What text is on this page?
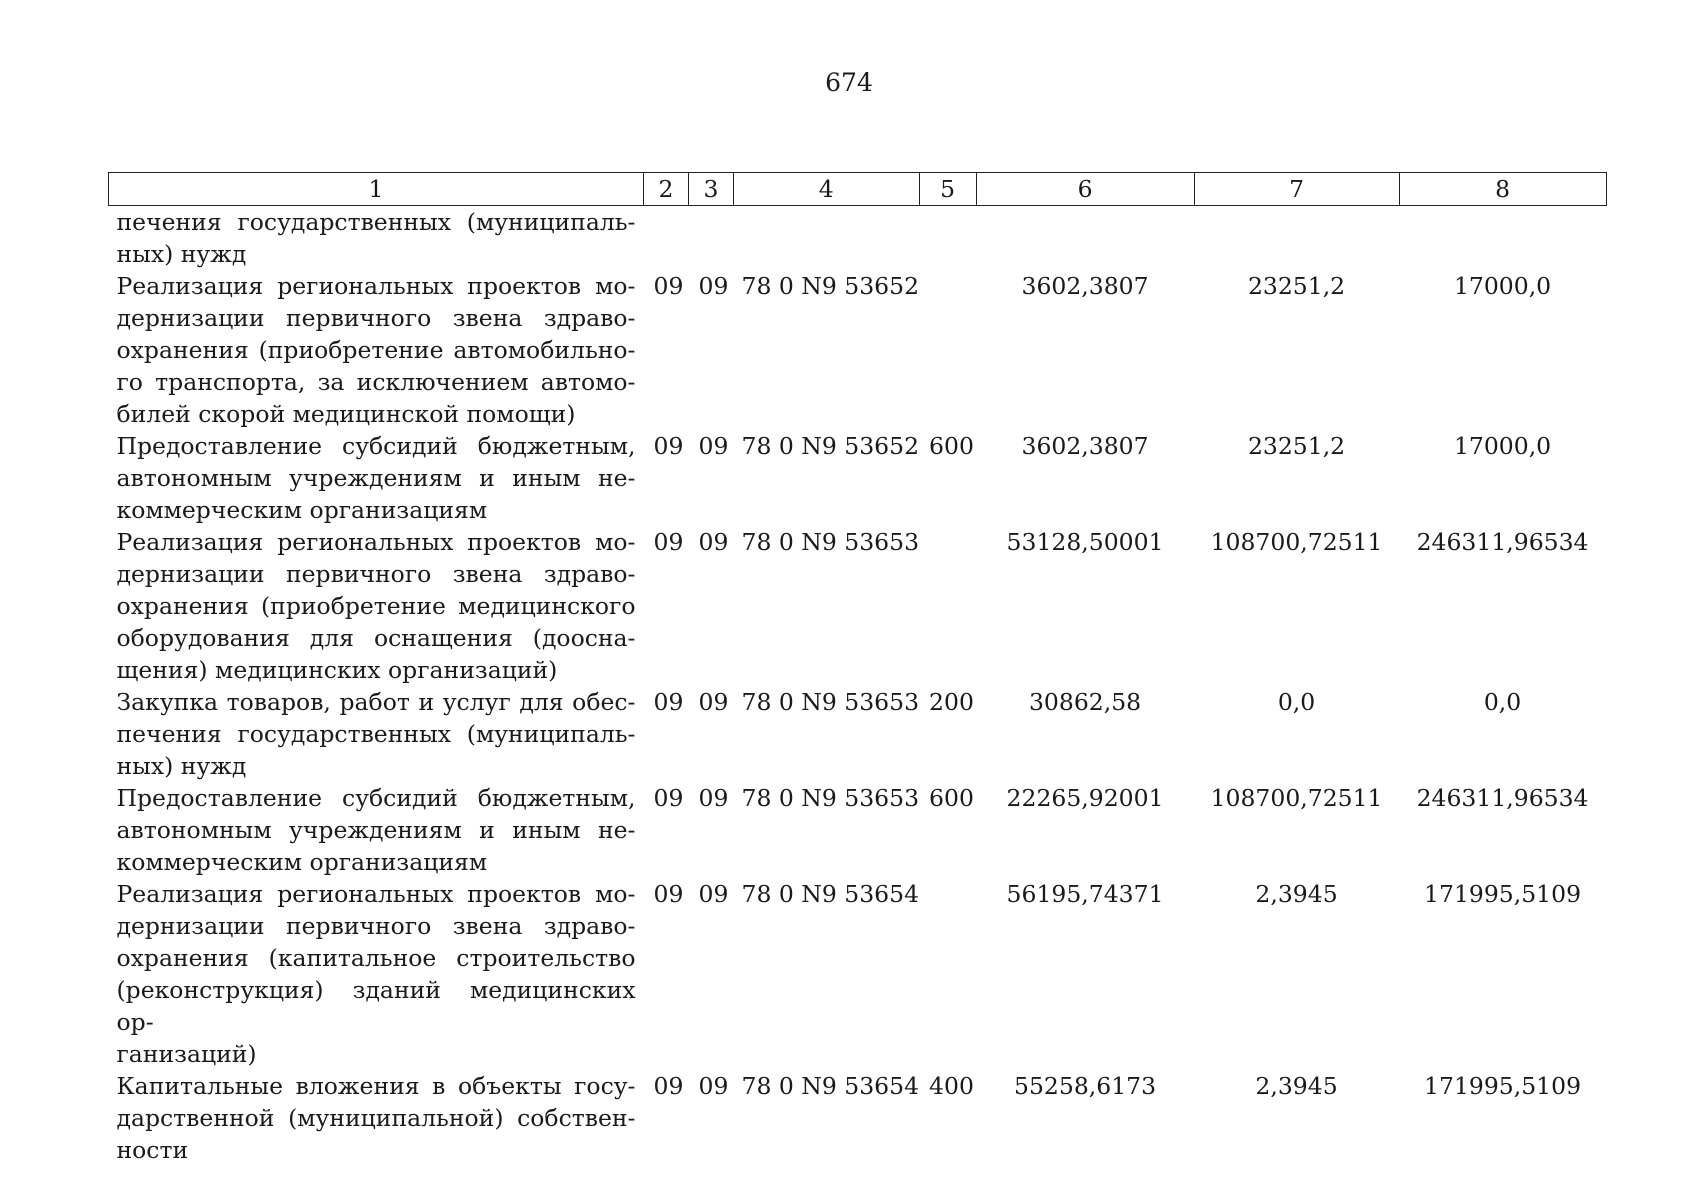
674
1	2	3	4	5	6	7	8

печения государственных (муниципаль-
ных) нужд							

Реализация региональных проектов мо-
дернизации первичного звена здраво-
охранения (приобретение автомобильно-
го транспорта, за исключением автомо-
билей скорой медицинской помощи)	09	09	78 0 N9 53652		3602,3807	23251,2	17000,0

Предоставление субсидий бюджетным,
автономным учреждениям и иным не-
коммерческим организациям	09	09	78 0 N9 53652	600	3602,3807	23251,2	17000,0

Реализация региональных проектов мо-
дернизации первичного звена здраво-
охранения (приобретение медицинского
оборудования для оснащения (доосна-
щения) медицинских организаций)	09	09	78 0 N9 53653		53128,50001	108700,72511	246311,96534

Закупка товаров, работ и услуг для обес-
печения государственных (муниципаль-
ных) нужд	09	09	78 0 N9 53653	200	30862,58	0,0	0,0

Предоставление субсидий бюджетным,
автономным учреждениям и иным не-
коммерческим организациям	09	09	78 0 N9 53653	600	22265,92001	108700,72511	246311,96534

Реализация региональных проектов мо-
дернизации первичного звена здраво-
охранения (капитальное строительство
(реконструкция) зданий медицинских ор-
ганизаций)	09	09	78 0 N9 53654		56195,74371	2,3945	171995,5109

Капитальные вложения в объекты госу-
дарственной (муниципальной) собствен-
ности	09	09	78 0 N9 53654	400	55258,6173	2,3945	171995,5109
